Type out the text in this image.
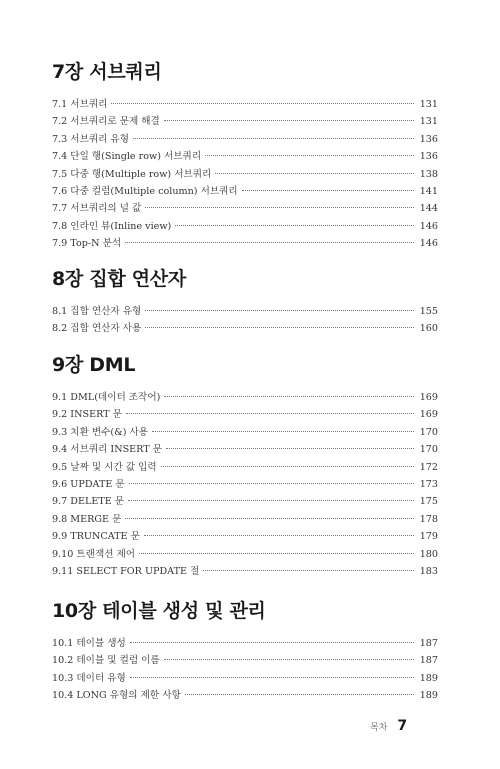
7장 서브쿼리
7.1 서브쿼리	131
7.2 서브쿼리로 문제 해결	131
7.3 서브쿼리 유형	136
7.4 단일 행(Single row) 서브쿼리	136
7.5 다중 행(Multiple row) 서브쿼리	138
7.6 다중 컬럼(Multiple column) 서브쿼리	141
7.7 서브쿼리의 널 값	144
7.8 인라인 뷰(Inline view)	146
7.9 Top-N 분석	146
8장 집합 연산자
8.1 집합 연산자 유형	155
8.2 집합 연산자 사용	160
9장 DML
9.1 DML(데이터 조작어)	169
9.2 INSERT 문	169
9.3 치환 변수(&) 사용	170
9.4 서브쿼리 INSERT 문	170
9.5 날짜 및 시간 값 입력	172
9.6 UPDATE 문	173
9.7 DELETE 문	175
9.8 MERGE 문	178
9.9 TRUNCATE 문	179
9.10 트랜잭션 제어	180
9.11 SELECT FOR UPDATE 절	183
10장 테이블 생성 및 관리
10.1 테이블 생성	187
10.2 테이블 및 컬럼 이름	187
10.3 데이터 유형	189
10.4 LONG 유형의 제한 사항	189
목차 7
